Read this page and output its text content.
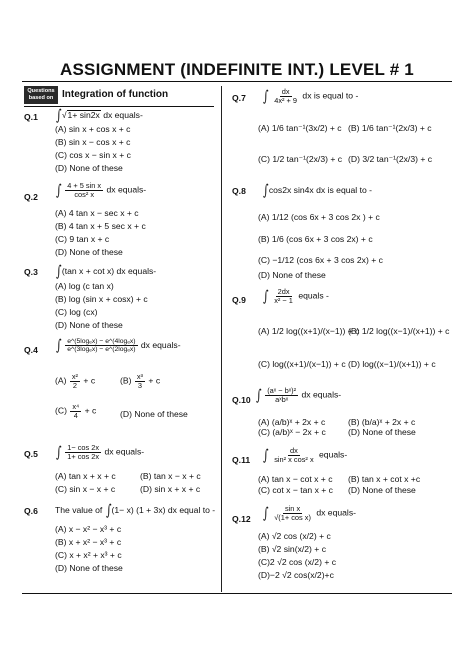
ASSIGNMENT (INDEFINITE INT.) LEVEL # 1
Questions based on Integration of function
Q.1 ∫√1+ sin2x dx equals-
(A) sin x + cos x + c
(B) sin x − cos x + c
(C) cos x − sin x + c
(D) None of these
Q.2 ∫ $\frac{\text{4 + 5 sin x}}{\text{cos² x}}$ dx equals-
(A) 4 tan x − sec x + c
(B) 4 tan x + 5 sec x + c
(C) 9 tan x + c
(D) None of these
Q.3 ∫(tan x + cot x) dx equals-
(A) log (c tan x)
(B) log (sin x + cosx) + c
(C) log (cx)
(D) None of these
Q.4 ∫ $\frac{\text{e\textasciicircum{}(5logₑx) − e\textasciicircum{}(4logₑx)}}{\text{e\textasciicircum{}(3logₑx) − e\textasciicircum{}(2logₑx)}}$ dx equals-
$(A) \frac{\text{x²}}{2} + c$	$(B) \frac{\text{x³}}{3} + c$
$(C) \frac{\text{x⁴}}{4} + c$	(D) None of these
Q.5 ∫ $\frac{1- \cos 2x}{1+ \cos 2x}$ dx equals-
(A) tan x + x + c	(B) tan x − x + c
(C) sin x − x + c	(D) sin x + x + c
Q.6 The value of ∫(1− x) (1 + 3x) dx equal to -
(A) x − x² − x³ + c
(B) x + x² − x³ + c
(C) x + x² + x³ + c
(D) None of these
Q.7 ∫ $\frac{dx}{\text{4x² + 9}}$ dx is equal to -
(A) 1/6 tan⁻¹(3x/2) + c (B) 1/6 tan⁻¹(2x/3) + c
(C) 1/2 tan⁻¹(2x/3) + c (D) 3/2 tan⁻¹(2x/3) + c
Q.8 ∫cos2x sin4x dx is equal to -
(A) 1/12 (cos 6x + 3 cos 2x ) + c
(B) 1/6 (cos 6x + 3 cos 2x) + c
(C) −1/12 (cos 6x + 3 cos 2x) + c
(D) None of these
Q.9 ∫ $\frac{2dx}{\text{x² − 1}}$ equals -
(A) 1/2 log((x+1)/(x−1)) + c
(B) 1/2 log((x−1)/(x+1)) + c
(C) log((x+1)/(x−1)) + c (D) log((x−1)/(x+1)) + c
Q.10 ∫ $\frac{\text{(aˣ − bˣ)²}}{\text{aˣbˣ}}$ dx equals-
(A) (a/b)ˣ + 2x + c	(B) (b/a)ˣ + 2x + c
(C) (a/b)ˣ − 2x + c	(D) None of these
Q.11 ∫ $\frac{dx}{\text{sin² x cos² x}}$ equals-
(A) tan x − cot x + c (B) tan x + cot x +c
(C) cot x − tan x + c (D) None of these
Q.12 ∫ $\frac{\text{sin x}}{\text{√(1+ cos x)}}$ dx equals-
(A) √2 cos (x/2) + c
(B) √2 sin(x/2) + c
(C)2 √2 cos (x/2) + c
(D)−2 √2 cos(x/2)+c
